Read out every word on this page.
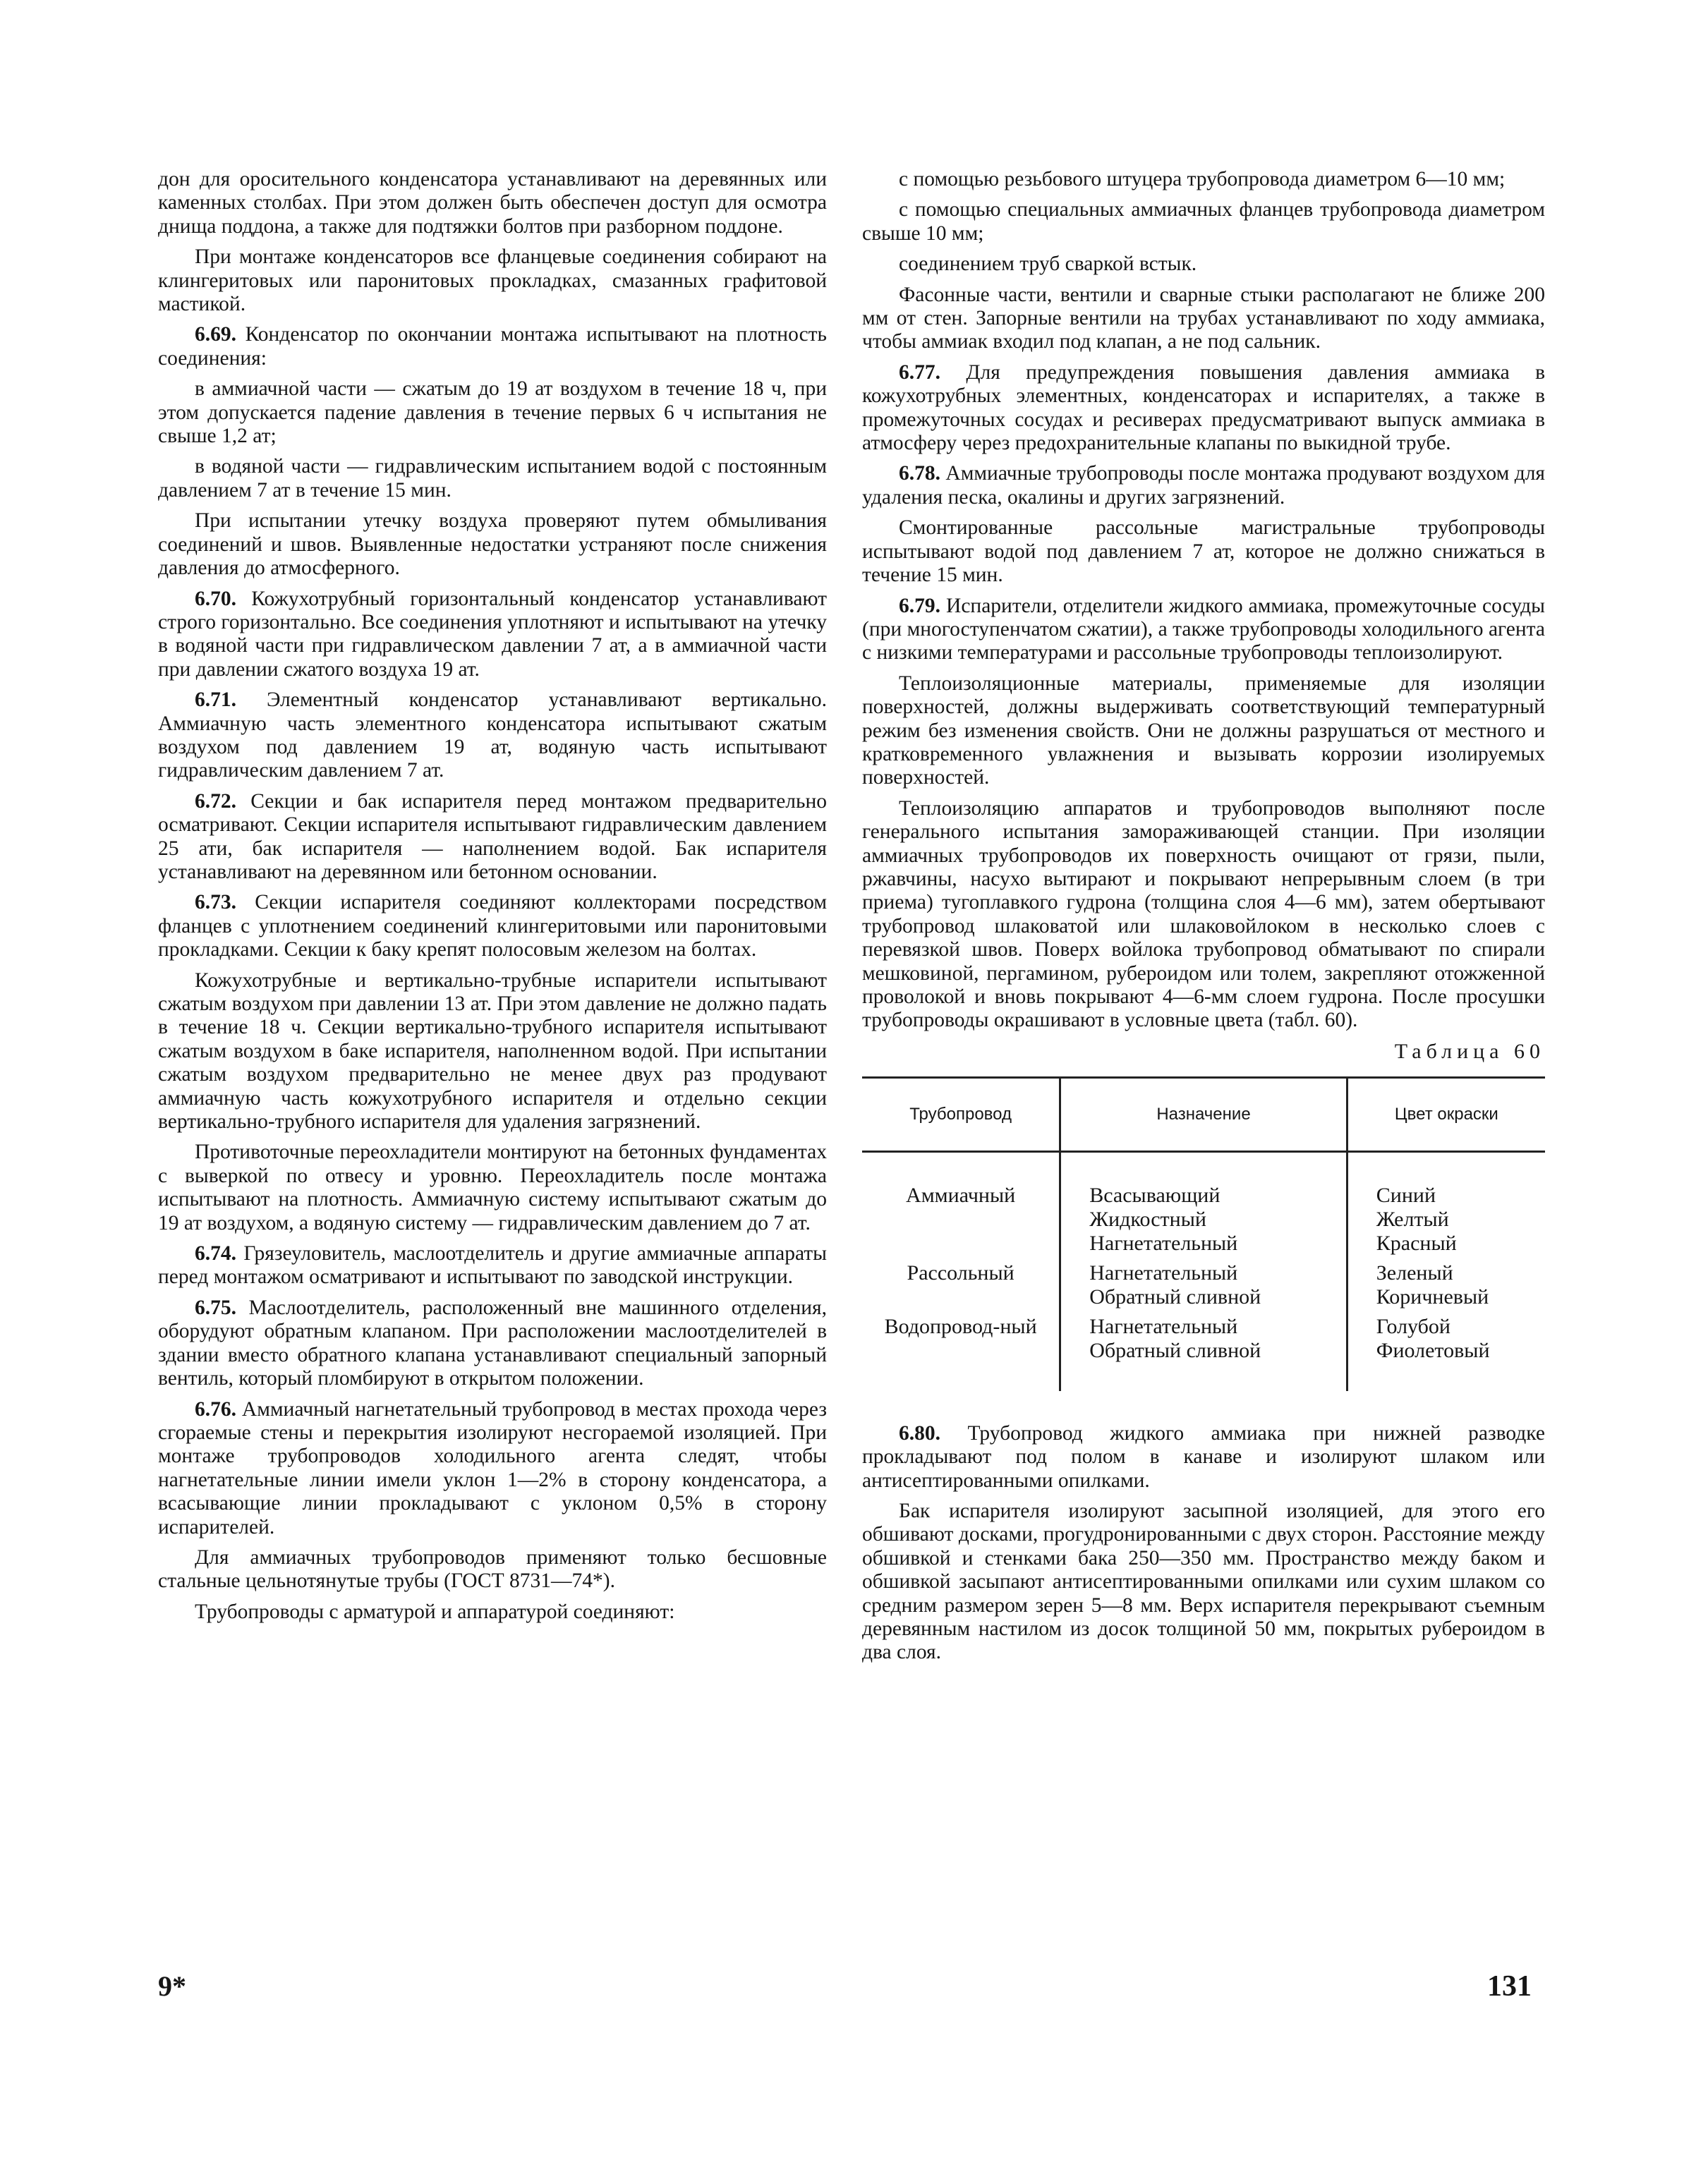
дон для оросительного конденсатора устанавливают на деревянных или каменных столбах. При этом должен быть обеспечен доступ для осмотра днища поддона, а также для подтяжки болтов при разборном поддоне.

При монтаже конденсаторов все фланцевые соединения собирают на клингеритовых или паронитовых прокладках, смазанных графитовой мастикой.

6.69. Конденсатор по окончании монтажа испытывают на плотность соединения:

в аммиачной части — сжатым до 19 ат воздухом в течение 18 ч, при этом допускается падение давления в течение первых 6 ч испытания не свыше 1,2 ат;

в водяной части — гидравлическим испытанием водой с постоянным давлением 7 ат в течение 15 мин.

При испытании утечку воздуха проверяют путем обмыливания соединений и швов. Выявленные недостатки устраняют после снижения давления до атмосферного.

6.70. Кожухотрубный горизонтальный конденсатор устанавливают строго горизонтально. Все соединения уплотняют и испытывают на утечку в водяной части при гидравлическом давлении 7 ат, а в аммиачной части при давлении сжатого воздуха 19 ат.

6.71. Элементный конденсатор устанавливают вертикально. Аммиачную часть элементного конденсатора испытывают сжатым воздухом под давлением 19 ат, водяную часть испытывают гидравлическим давлением 7 ат.

6.72. Секции и бак испарителя перед монтажом предварительно осматривают. Секции испарителя испытывают гидравлическим давлением 25 ати, бак испарителя — наполнением водой. Бак испарителя устанавливают на деревянном или бетонном основании.

6.73. Секции испарителя соединяют коллекторами посредством фланцев с уплотнением соединений клингеритовыми или паронитовыми прокладками. Секции к баку крепят полосовым железом на болтах.

Кожухотрубные и вертикально-трубные испарители испытывают сжатым воздухом при давлении 13 ат. При этом давление не должно падать в течение 18 ч. Секции вертикально-трубного испарителя испытывают сжатым воздухом в баке испарителя, наполненном водой. При испытании сжатым воздухом предварительно не менее двух раз продувают аммиачную часть кожухотрубного испарителя и отдельно секции вертикально-трубного испарителя для удаления загрязнений.

Противоточные переохладители монтируют на бетонных фундаментах с выверкой по отвесу и уровню. Переохладитель после монтажа испытывают на плотность. Аммиачную систему испытывают сжатым до 19 ат воздухом, а водяную систему — гидравлическим давлением до 7 ат.

6.74. Грязеуловитель, маслоотделитель и другие аммиачные аппараты перед монтажом осматривают и испытывают по заводской инструкции.

6.75. Маслоотделитель, расположенный вне машинного отделения, оборудуют обратным клапаном. При расположении маслоотделителей в здании вместо обратного клапана устанавливают специальный запорный вентиль, который пломбируют в открытом положении.

6.76. Аммиачный нагнетательный трубопровод в местах прохода через сгораемые стены и перекрытия изолируют несгораемой изоляцией. При монтаже трубопроводов холодильного агента следят, чтобы нагнетательные линии имели уклон 1—2% в сторону конденсатора, а всасывающие линии прокладывают с уклоном 0,5% в сторону испарителей.

Для аммиачных трубопроводов применяют только бесшовные стальные цельнотянутые трубы (ГОСТ 8731—74*).

Трубопроводы с арматурой и аппаратурой соединяют:

с помощью резьбового штуцера трубопровода диаметром 6—10 мм;

с помощью специальных аммиачных фланцев трубопровода диаметром свыше 10 мм;

соединением труб сваркой встык.

Фасонные части, вентили и сварные стыки располагают не ближе 200 мм от стен. Запорные вентили на трубах устанавливают по ходу аммиака, чтобы аммиак входил под клапан, а не под сальник.

6.77. Для предупреждения повышения давления аммиака в кожухотрубных элементных, конденсаторах и испарителях, а также в промежуточных сосудах и ресиверах предусматривают выпуск аммиака в атмосферу через предохранительные клапаны по выкидной трубе.

6.78. Аммиачные трубопроводы после монтажа продувают воздухом для удаления песка, окалины и других загрязнений.

Смонтированные рассольные магистральные трубопроводы испытывают водой под давлением 7 ат, которое не должно снижаться в течение 15 мин.

6.79. Испарители, отделители жидкого аммиака, промежуточные сосуды (при многоступенчатом сжатии), а также трубопроводы холодильного агента с низкими температурами и рассольные трубопроводы теплоизолируют.

Теплоизоляционные материалы, применяемые для изоляции поверхностей, должны выдерживать соответствующий температурный режим без изменения свойств. Они не должны разрушаться от местного и кратковременного увлажнения и вызывать коррозии изолируемых поверхностей.

Теплоизоляцию аппаратов и трубопроводов выполняют после генерального испытания замораживающей станции. При изоляции аммиачных трубопроводов их поверхность очищают от грязи, пыли, ржавчины, насухо вытирают и покрывают непрерывным слоем (в три приема) тугоплавкого гудрона (толщина слоя 4—6 мм), затем обертывают трубопровод шлаковатой или шлаковойлоком в несколько слоев с перевязкой швов. Поверх войлока трубопровод обматывают по спирали мешковиной, пергамином, рубероидом или толем, закрепляют отожженной проволокой и вновь покрывают 4—6-мм слоем гудрона. После просушки трубопроводы окрашивают в условные цвета (табл. 60).

Таблица 60
Трубопровод	Назначение	Цвет окраски
Аммиачный	Всасывающий	Синий
	Жидкостный	Желтый
	Нагнетательный	Красный
Рассольный	Нагнетательный	Зеленый
	Обратный сливной	Коричневый
Водопровод-ный	Нагнетательный	Голубой
	Обратный сливной	Фиолетовый

6.80. Трубопровод жидкого аммиака при нижней разводке прокладывают под полом в канаве и изолируют шлаком или антисептированными опилками.

Бак испарителя изолируют засыпной изоляцией, для этого его обшивают досками, прогудронированными с двух сторон. Расстояние между обшивкой и стенками бака 250—350 мм. Пространство между баком и обшивкой засыпают антисептированными опилками или сухим шлаком со средним размером зерен 5—8 мм. Верх испарителя перекрывают съемным деревянным настилом из досок толщиной 50 мм, покрытых рубероидом в два слоя.

9*	131
